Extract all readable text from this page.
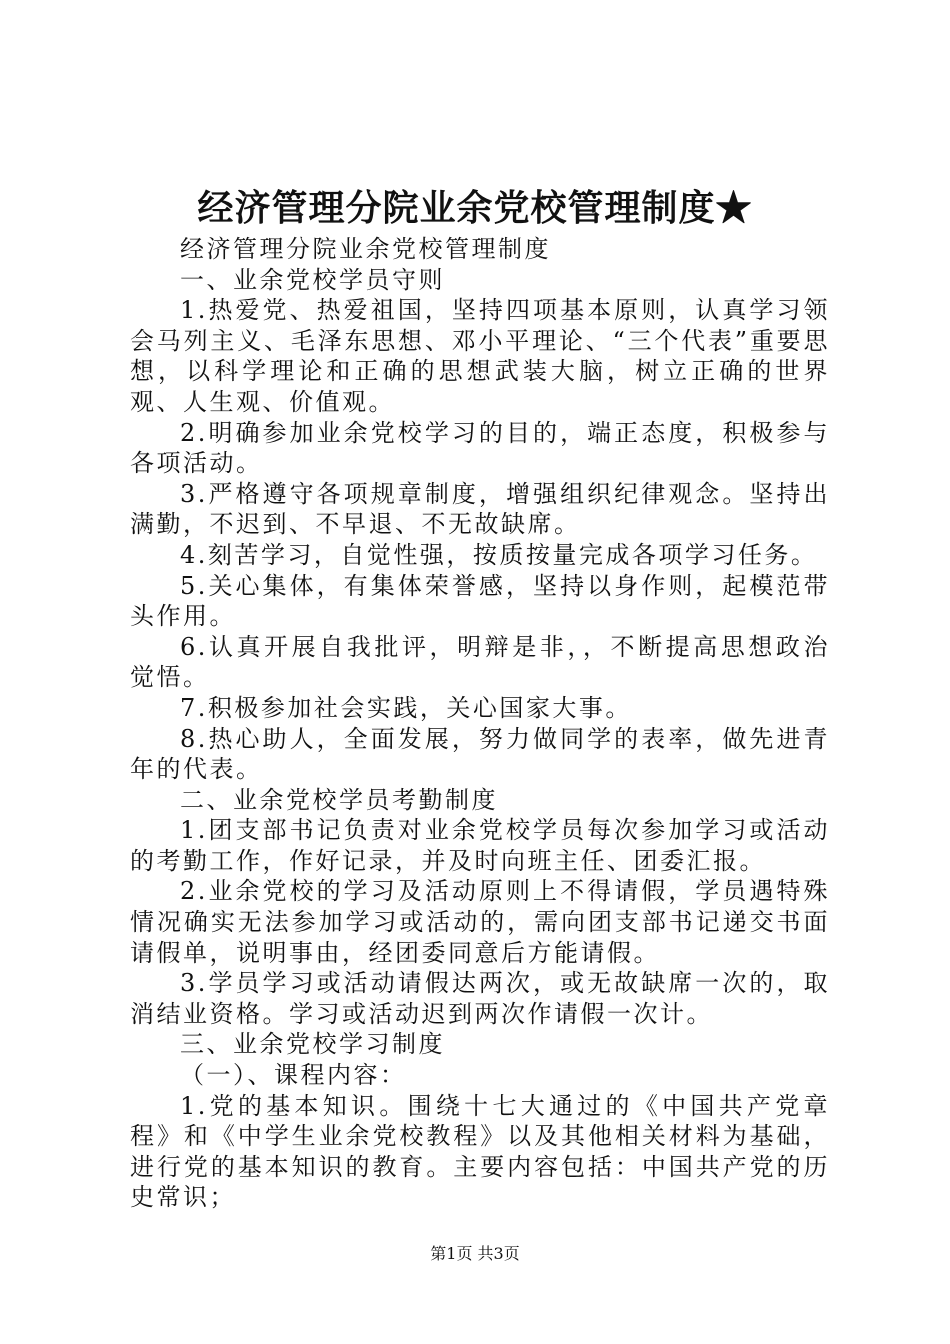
经济管理分院业余党校管理制度★

经济管理分院业余党校管理制度

一、业余党校学员守则

1.热爱党、热爱祖国，坚持四项基本原则，认真学习领会马列主义、毛泽东思想、邓小平理论、“三个代表”重要思想，以科学理论和正确的思想武装大脑，树立正确的世界观、人生观、价值观。

2.明确参加业余党校学习的目的，端正态度，积极参与各项活动。

3.严格遵守各项规章制度，增强组织纪律观念。坚持出满勤，不迟到、不早退、不无故缺席。

4.刻苦学习，自觉性强，按质按量完成各项学习任务。

5.关心集体，有集体荣誉感，坚持以身作则，起模范带头作用。

6.认真开展自我批评，明辩是非，，不断提高思想政治觉悟。

7.积极参加社会实践，关心国家大事。

8.热心助人，全面发展，努力做同学的表率，做先进青年的代表。

二、业余党校学员考勤制度

1.团支部书记负责对业余党校学员每次参加学习或活动的考勤工作，作好记录，并及时向班主任、团委汇报。

2.业余党校的学习及活动原则上不得请假，学员遇特殊情况确实无法参加学习或活动的，需向团支部书记递交书面请假单，说明事由，经团委同意后方能请假。

3.学员学习或活动请假达两次，或无故缺席一次的，取消结业资格。学习或活动迟到两次作请假一次计。

三、业余党校学习制度

（一）、课程内容：

1.党的基本知识。围绕十七大通过的《中国共产党章程》和《中学生业余党校教程》以及其他相关材料为基础，进行党的基本知识的教育。主要内容包括：中国共产党的历史常识；

第1页 共3页
